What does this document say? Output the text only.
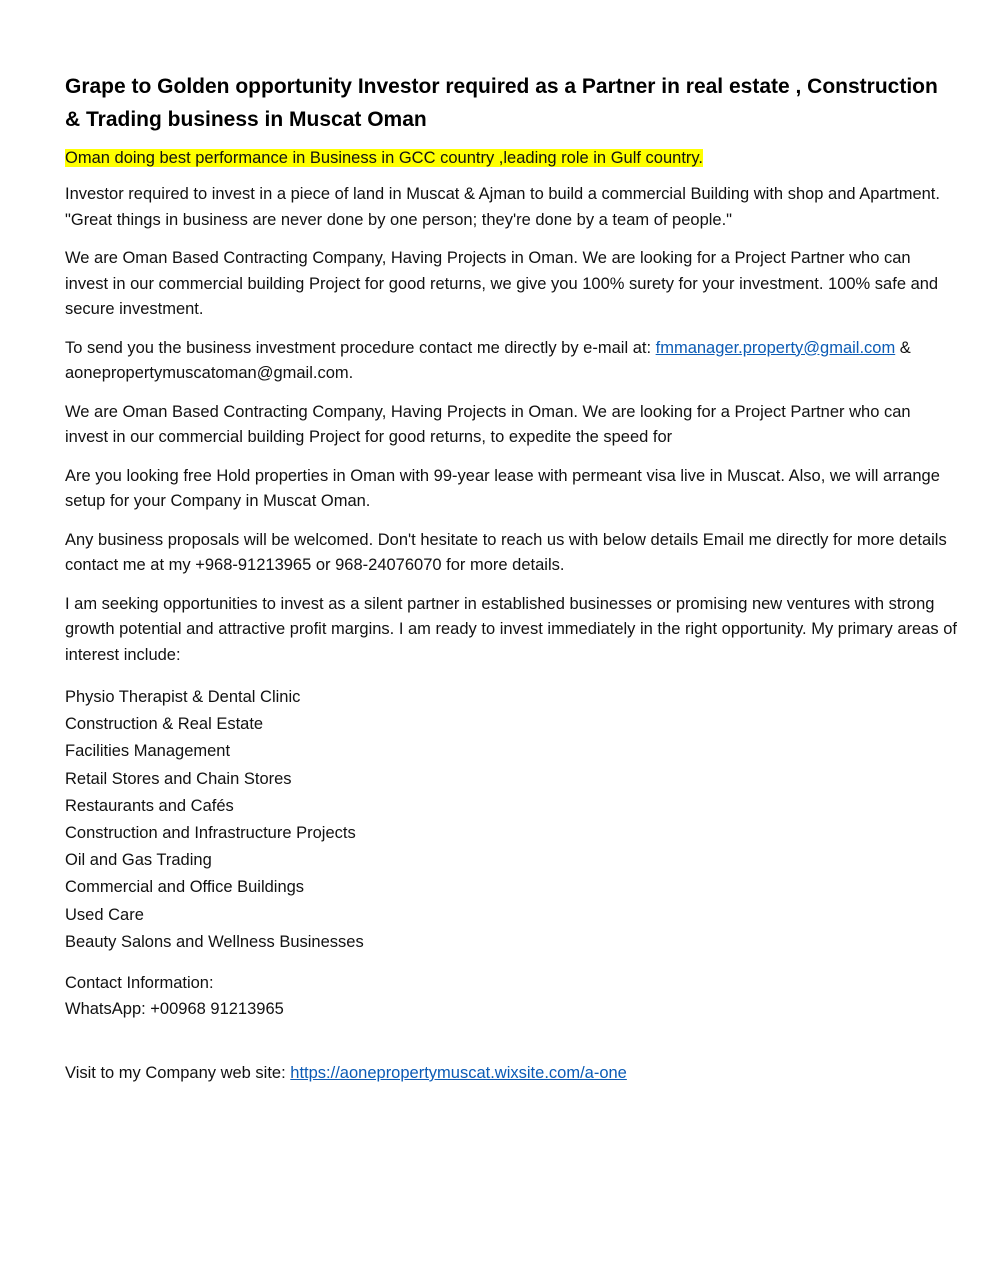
Grape to Golden opportunity Investor required as a Partner in real estate , Construction & Trading business in Muscat Oman
Oman doing best performance in Business in GCC country ,leading role in Gulf country.

Investor required to invest in a piece of land in Muscat & Ajman to build a commercial Building with shop and Apartment. "Great things in business are never done by one person; they're done by a team of people."

We are Oman Based Contracting Company, Having Projects in Oman. We are looking for a Project Partner who can invest in our commercial building Project for good returns, we give you 100% surety for your investment. 100% safe and secure investment.

To send you the business investment procedure contact me directly by e-mail at: fmmanager.property@gmail.com & aonepropertymuscatoman@gmail.com.

We are Oman Based Contracting Company, Having Projects in Oman. We are looking for a Project Partner who can invest in our commercial building Project for good returns, to expedite the speed for

Are you looking free Hold properties in Oman with 99-year lease with permeant visa live in Muscat. Also, we will arrange setup for your Company in Muscat Oman.

Any business proposals will be welcomed. Don't hesitate to reach us with below details Email me directly for more details contact me at my +968-91213965 or 968-24076070 for more details.

I am seeking opportunities to invest as a silent partner in established businesses or promising new ventures with strong growth potential and attractive profit margins. I am ready to invest immediately in the right opportunity. My primary areas of interest include:

Physio Therapist & Dental Clinic
Construction & Real Estate
Facilities Management
Retail Stores and Chain Stores
Restaurants and Cafés
Construction and Infrastructure Projects
Oil and Gas Trading
Commercial and Office Buildings
Used Care
Beauty Salons and Wellness Businesses
Contact Information:
WhatsApp: +00968 91213965
Visit to my Company web site: https://aonepropertymuscat.wixsite.com/a-one
